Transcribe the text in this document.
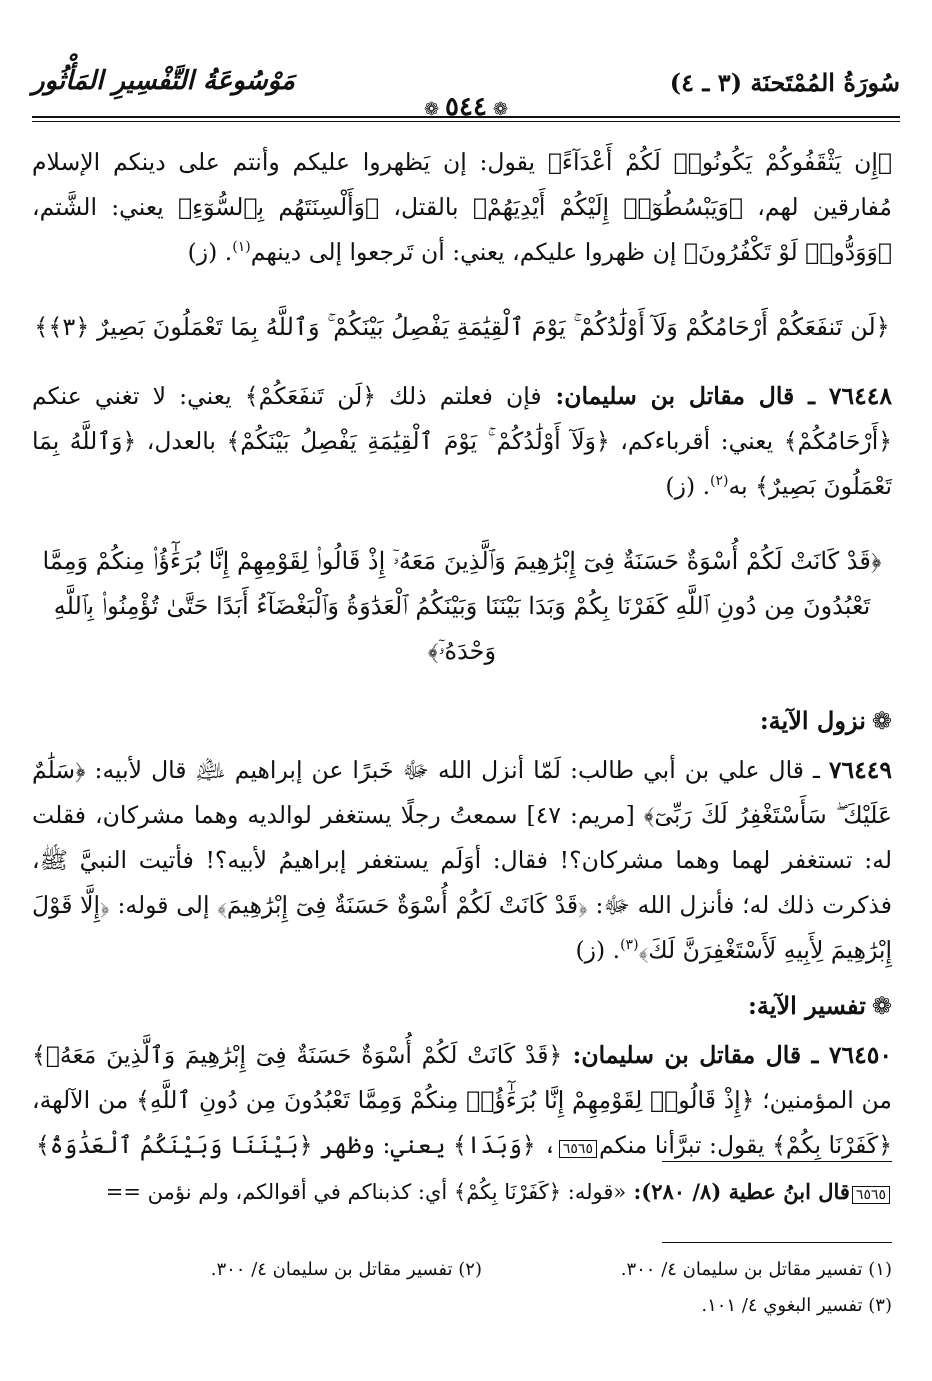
سُورَةُ المُمْتَحنَة (٣ ـ ٤)
مَوْسُوعَةُ التَّفْسِيرِ المَأْثُور
❁ ٥٤٤ ❁

﴿إِن يَثْقَفُوكُمْ يَكُونُوا۟ لَكُمْ أَعْدَآءً﴾ يقول: إن يَظهروا عليكم وأنتم على دينكم الإسلام مُفارقين لهم، ﴿وَيَبْسُطُوٓا۟ إِلَيْكُمْ أَيْدِيَهُمْ﴾ بالقتل، ﴿وَأَلْسِنَتَهُم بِٱلسُّوٓءِ﴾ يعني: الشَّتم، ﴿وَوَدُّوا۟ لَوْ تَكْفُرُونَ﴾ إن ظهروا عليكم، يعني: أن تَرجعوا إلى دينهم$^{(١)}$. (ز)

﴿لَن تَنفَعَكُمْ أَرْحَامُكُمْ وَلَآ أَوْلَٰدُكُمْ ۚ يَوْمَ ٱلْقِيَٰمَةِ يَفْصِلُ بَيْنَكُمْ ۚ وَٱللَّهُ بِمَا تَعْمَلُونَ بَصِيرٌ ﴿٣﴾﴾

٧٦٤٤٨ ـ قال مقاتل بن سليمان: فإن فعلتم ذلك ﴿لَن تَنفَعَكُمْ﴾ يعني: لا تغني عنكم ﴿أَرْحَامُكُمْ﴾ يعني: أقرباءكم، ﴿وَلَآ أَوْلَٰدُكُمْ ۚ يَوْمَ ٱلْقِيَٰمَةِ يَفْصِلُ بَيْنَكُمْ﴾ بالعدل، ﴿وَٱللَّهُ بِمَا تَعْمَلُونَ بَصِيرٌ﴾ به$^{(٢)}$. (ز)

﴿قَدْ كَانَتْ لَكُمْ أُسْوَةٌ حَسَنَةٌ فِىٓ إِبْرَٰهِيمَ وَٱلَّذِينَ مَعَهُۥٓ إِذْ قَالُوا۟ لِقَوْمِهِمْ إِنَّا بُرَءَٰٓؤُا۟ مِنكُمْ وَمِمَّا تَعْبُدُونَ مِن دُونِ ٱللَّهِ كَفَرْنَا بِكُمْ وَبَدَا بَيْنَنَا وَبَيْنَكُمُ ٱلْعَدَٰوَةُ وَٱلْبَغْضَآءُ أَبَدًا حَتَّىٰ تُؤْمِنُوا۟ بِٱللَّهِ وَحْدَهُۥٓ﴾

❁نزول الآية:

٧٦٤٤٩ ـ قال علي بن أبي طالب: لَمّا أنزل الله ﷻ خَبرًا عن إبراهيم ﵇ قال لأبيه: ﴿سَلَٰمٌ عَلَيْكَ ۖ سَأَسْتَغْفِرُ لَكَ رَبِّىٓ﴾ [مريم: ٤٧] سمعتُ رجلًا يستغفر لوالديه وهما مشركان، فقلت له: تستغفر لهما وهما مشركان؟! فقال: أوَلَم يستغفر إبراهيمُ لأبيه؟! فأتيت النبيَّ ﷺ، فذكرت ذلك له؛ فأنزل الله ﷻ: ﴿قَدْ كَانَتْ لَكُمْ أُسْوَةٌ حَسَنَةٌ فِىٓ إِبْرَٰهِيمَ﴾ إلى قوله: ﴿إِلَّا قَوْلَ إِبْرَٰهِيمَ لِأَبِيهِ لَأَسْتَغْفِرَنَّ لَكَ﴾$^{(٣)}$. (ز)

❁تفسير الآية:

٧٦٤٥٠ ـ قال مقاتل بن سليمان: ﴿قَدْ كَانَتْ لَكُمْ أُسْوَةٌ حَسَنَةٌ فِىٓ إِبْرَٰهِيمَ وَٱلَّذِينَ مَعَهُۥ﴾ من المؤمنين؛ ﴿إِذْ قَالُوا۟ لِقَوْمِهِمْ إِنَّا بُرَءَٰٓؤُا۟ مِنكُمْ وَمِمَّا تَعْبُدُونَ مِن دُونِ ٱللَّهِ﴾ من الآلهة، ﴿كَفَرْنَا بِكُمْ﴾ يقول: تبرَّأنا منكم٦٥٦٥، ﴿وَبَدَا﴾ يعني: وظهر ﴿بَيْنَنَا وَبَيْنَكُمُ ٱلْعَدَٰوَةُ﴾

٦٥٦٥قال ابنُ عطية (٨/ ٢٨٠): «قوله: ﴿كَفَرْنَا بِكُمْ﴾ أي: كذبناكم في أقوالكم، ولم نؤمن ==
(١) تفسير مقاتل بن سليمان ٤/ ٣٠٠.
(٢) تفسير مقاتل بن سليمان ٤/ ٣٠٠.
(٣) تفسير البغوي ٤/ ١٠١.
